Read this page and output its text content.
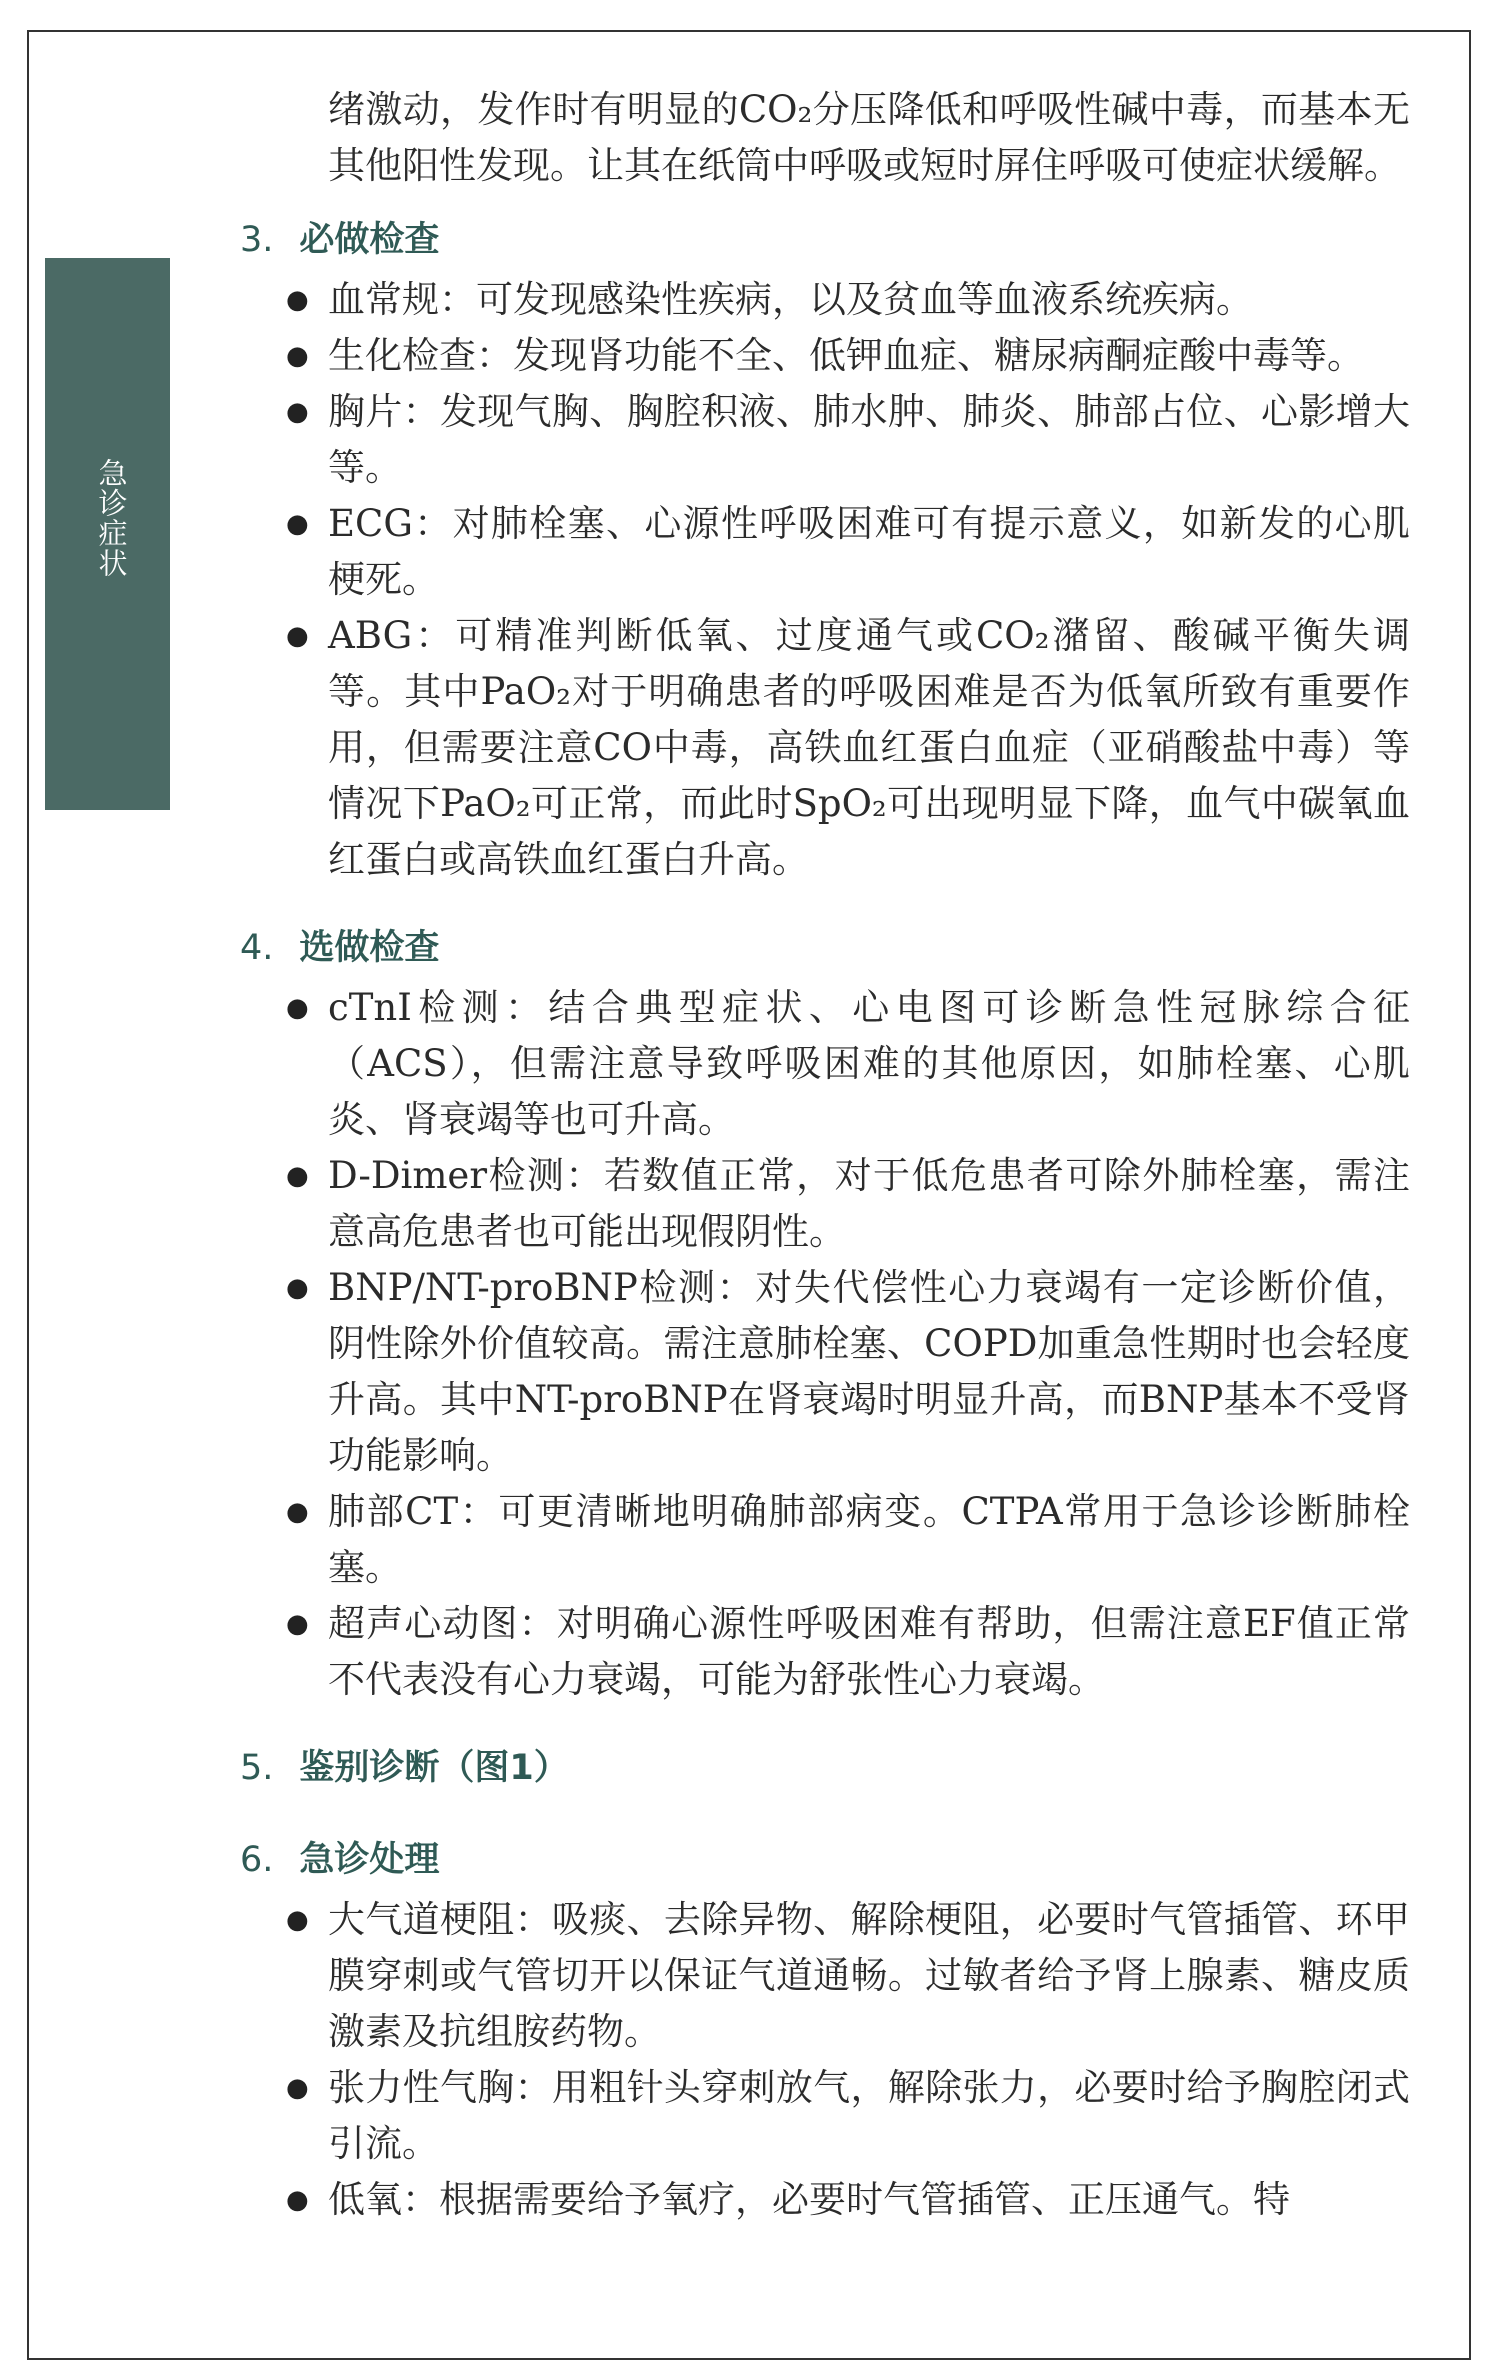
急诊症状

绪激动，发作时有明显的CO₂分压降低和呼吸性碱中毒，而基本无其他阳性发现。让其在纸筒中呼吸或短时屏住呼吸可使症状缓解。

3. 必做检查
● 血常规：可发现感染性疾病，以及贫血等血液系统疾病。
● 生化检查：发现肾功能不全、低钾血症、糖尿病酮症酸中毒等。
● 胸片：发现气胸、胸腔积液、肺水肿、肺炎、肺部占位、心影增大等。
● ECG：对肺栓塞、心源性呼吸困难可有提示意义，如新发的心肌梗死。
● ABG：可精准判断低氧、过度通气或CO₂潴留、酸碱平衡失调等。其中PaO₂对于明确患者的呼吸困难是否为低氧所致有重要作用，但需要注意CO中毒，高铁血红蛋白血症（亚硝酸盐中毒）等情况下PaO₂可正常，而此时SpO₂可出现明显下降，血气中碳氧血红蛋白或高铁血红蛋白升高。
4. 选做检查
● cTnI检测：结合典型症状、心电图可诊断急性冠脉综合征（ACS），但需注意导致呼吸困难的其他原因，如肺栓塞、心肌炎、肾衰竭等也可升高。
● D-Dimer检测：若数值正常，对于低危患者可除外肺栓塞，需注意高危患者也可能出现假阴性。
● BNP/NT-proBNP检测：对失代偿性心力衰竭有一定诊断价值，阴性除外价值较高。需注意肺栓塞、COPD加重急性期时也会轻度升高。其中NT-proBNP在肾衰竭时明显升高，而BNP基本不受肾功能影响。
● 肺部CT：可更清晰地明确肺部病变。CTPA常用于急诊诊断肺栓塞。
● 超声心动图：对明确心源性呼吸困难有帮助，但需注意EF值正常不代表没有心力衰竭，可能为舒张性心力衰竭。
5. 鉴别诊断（图1）
6. 急诊处理
● 大气道梗阻：吸痰、去除异物、解除梗阻，必要时气管插管、环甲膜穿刺或气管切开以保证气道通畅。过敏者给予肾上腺素、糖皮质激素及抗组胺药物。
● 张力性气胸：用粗针头穿刺放气，解除张力，必要时给予胸腔闭式引流。
● 低氧：根据需要给予氧疗，必要时气管插管、正压通气。特
